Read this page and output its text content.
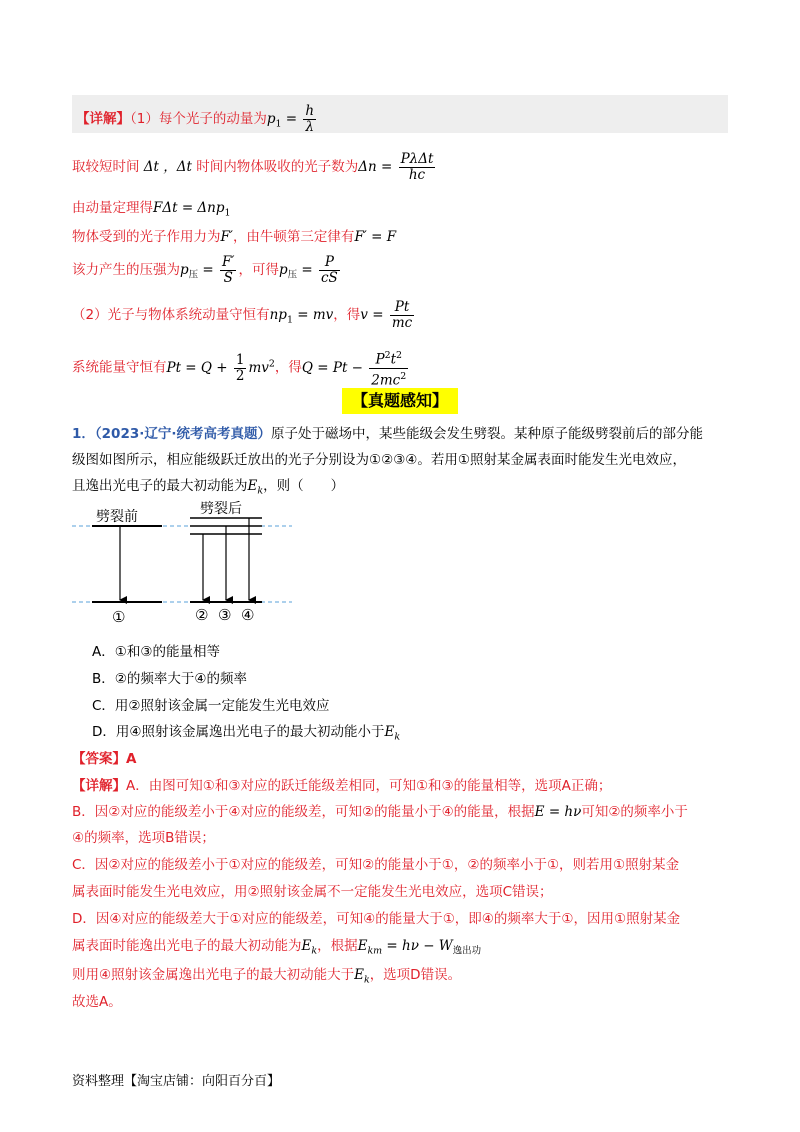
【详解】（1）每个光子的动量为$p_1 = \frac{h}{\lambda}$
取较短时间 Δt ，Δt 时间内物体吸收的光子数为$\Delta n = \frac{\text{PλΔt}}{hc}$
由动量定理得FΔt = Δnp$_1$
物体受到的光子作用力为F′，由牛顿第三定律有F′ = F
该力产生的压强为$p_压 = \frac{F'}{S}$ ，可得$p_压 = \frac{P}{cS}$
（2）光子与物体系统动量守恒有$np_1$ = mv，得$v = \frac{Pt}{mc}$
系统能量守恒有$Pt = Q + \frac{1}{2} mv^2$，得$Q = Pt - \frac{P^2t^2}{2mc^2}$
【真题感知】
1．（2023·辽宁·统考高考真题）原子处于磁场中，某些能级会发生劈裂。某种原子能级劈裂前后的部分能
级图如图所示，相应能级跃迁放出的光子分别设为①②③④。若用①照射某金属表面时能发生光电效应，
且逸出光电子的最大初动能为$E_k$，则（　　）
劈裂前	劈裂后
①	② ③ ④
A．①和③的能量相等
B．②的频率大于④的频率
C．用②照射该金属一定能发生光电效应
D．用④照射该金属逸出光电子的最大初动能小于$E_k$
【答案】A
【详解】A．由图可知①和③对应的跃迁能级差相同，可知①和③的能量相等，选项A正确；
B．因②对应的能级差小于④对应的能级差，可知②的能量小于④的能量，根据E = hν可知②的频率小于
④的频率，选项B错误；
C．因②对应的能级差小于①对应的能级差，可知②的能量小于①，②的频率小于①，则若用①照射某金
属表面时能发生光电效应，用②照射该金属不一定能发生光电效应，选项C错误；
D．因④对应的能级差大于①对应的能级差，可知④的能量大于①，即④的频率大于①，因用①照射某金
属表面时能逸出光电子的最大初动能为$E_k$，根据$E_{km} = h\nu - W_{逸出功}$
则用④照射该金属逸出光电子的最大初动能大于$E_k$，选项D错误。
故选A。
资料整理【淘宝店铺：向阳百分百】
